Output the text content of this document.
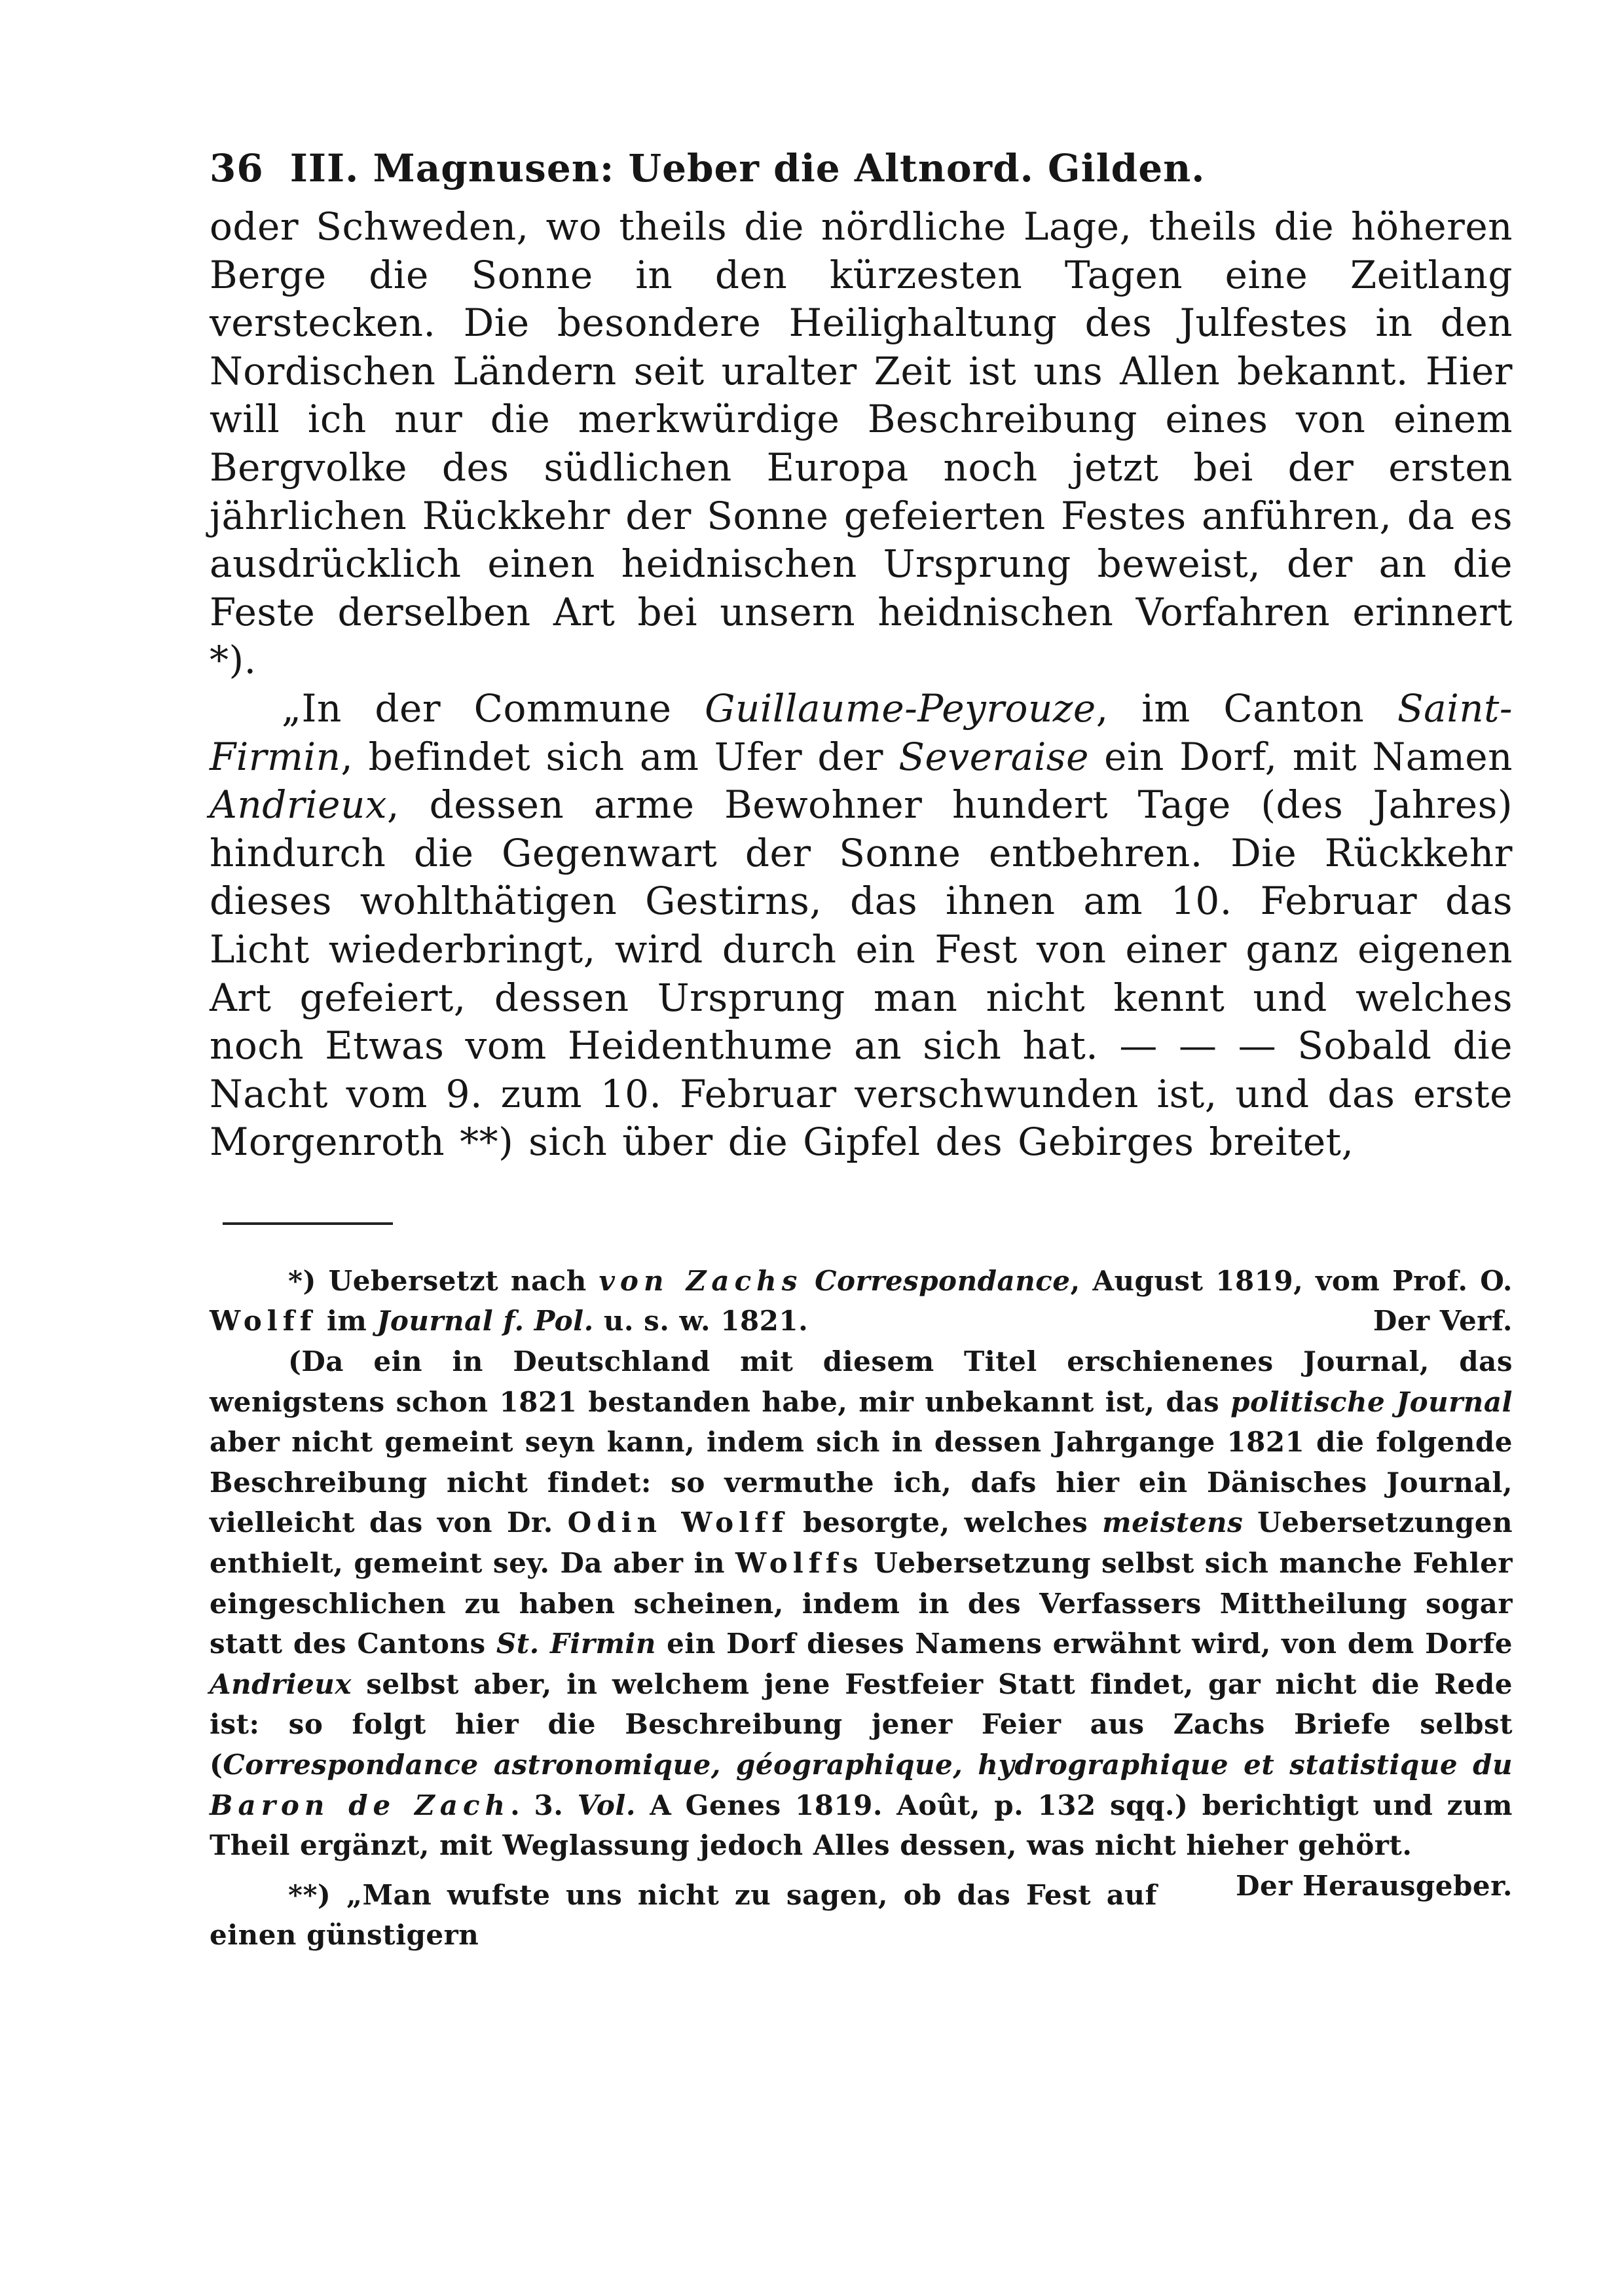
36 III. Magnusen: Ueber die Altnord. Gilden.

oder Schweden, wo theils die nördliche Lage, theils die höheren Berge die Sonne in den kürzesten Tagen eine Zeitlang verstecken. Die besondere Heilighaltung des Julfestes in den Nordischen Ländern seit uralter Zeit ist uns Allen bekannt. Hier will ich nur die merkwürdige Beschreibung eines von einem Bergvolke des südlichen Europa noch jetzt bei der ersten jährlichen Rückkehr der Sonne gefeierten Festes anführen, da es ausdrücklich einen heidnischen Ursprung beweist, der an die Feste derselben Art bei unsern heidnischen Vorfahren erinnert *).

„In der Commune Guillaume-Peyrouze, im Canton Saint-Firmin, befindet sich am Ufer der Severaise ein Dorf, mit Namen Andrieux, dessen arme Bewohner hundert Tage (des Jahres) hindurch die Gegenwart der Sonne entbehren. Die Rückkehr dieses wohlthätigen Gestirns, das ihnen am 10. Februar das Licht wiederbringt, wird durch ein Fest von einer ganz eigenen Art gefeiert, dessen Ursprung man nicht kennt und welches noch Etwas vom Heidenthume an sich hat. — — — Sobald die Nacht vom 9. zum 10. Februar verschwunden ist, und das erste Morgenroth **) sich über die Gipfel des Gebirges breitet,

*) Uebersetzt nach von Zachs Correspondance, August 1819, vom Prof. O. Wolff im Journal f. Pol. u. s. w. 1821.	Der Verf.

(Da ein in Deutschland mit diesem Titel erschienenes Journal, das wenigstens schon 1821 bestanden habe, mir unbekannt ist, das politische Journal aber nicht gemeint seyn kann, indem sich in dessen Jahrgange 1821 die folgende Beschreibung nicht findet: so vermuthe ich, dafs hier ein Dänisches Journal, vielleicht das von Dr. Odin Wolff besorgte, welches meistens Uebersetzungen enthielt, gemeint sey. Da aber in Wolffs Uebersetzung selbst sich manche Fehler eingeschlichen zu haben scheinen, indem in des Verfassers Mittheilung sogar statt des Cantons St. Firmin ein Dorf dieses Namens erwähnt wird, von dem Dorfe Andrieux selbst aber, in welchem jene Festfeier Statt findet, gar nicht die Rede ist: so folgt hier die Beschreibung jener Feier aus Zachs Briefe selbst (Correspondance astronomique, géographique, hydrographique et statistique du Baron de Zach. 3. Vol. A Genes 1819. Août, p. 132 sqq.) berichtigt und zum Theil ergänzt, mit Weglassung jedoch Alles dessen, was nicht hieher gehört.
Der Herausgeber.

**) „Man wufste uns nicht zu sagen, ob das Fest auf einen günstigern
